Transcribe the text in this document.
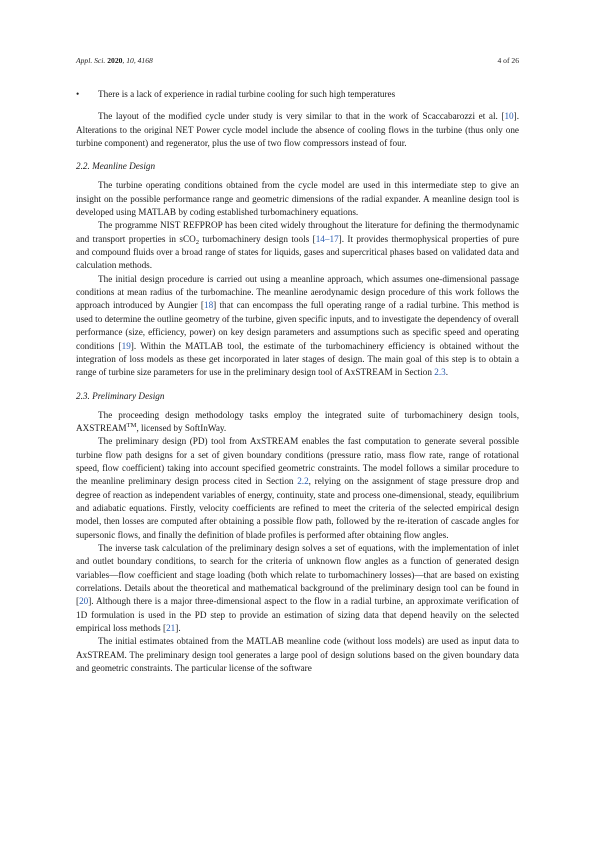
Appl. Sci. 2020, 10, 4168	4 of 26
• There is a lack of experience in radial turbine cooling for such high temperatures

The layout of the modified cycle under study is very similar to that in the work of Scaccabarozzi et al. [10]. Alterations to the original NET Power cycle model include the absence of cooling flows in the turbine (thus only one turbine component) and regenerator, plus the use of two flow compressors instead of four.

2.2. Meanline Design

The turbine operating conditions obtained from the cycle model are used in this intermediate step to give an insight on the possible performance range and geometric dimensions of the radial expander. A meanline design tool is developed using MATLAB by coding established turbomachinery equations.

The programme NIST REFPROP has been cited widely throughout the literature for defining the thermodynamic and transport properties in sCO$_2$ turbomachinery design tools [14–17]. It provides thermophysical properties of pure and compound fluids over a broad range of states for liquids, gases and supercritical phases based on validated data and calculation methods.

The initial design procedure is carried out using a meanline approach, which assumes one-dimensional passage conditions at mean radius of the turbomachine. The meanline aerodynamic design procedure of this work follows the approach introduced by Aungier [18] that can encompass the full operating range of a radial turbine. This method is used to determine the outline geometry of the turbine, given specific inputs, and to investigate the dependency of overall performance (size, efficiency, power) on key design parameters and assumptions such as specific speed and operating conditions [19]. Within the MATLAB tool, the estimate of the turbomachinery efficiency is obtained without the integration of loss models as these get incorporated in later stages of design. The main goal of this step is to obtain a range of turbine size parameters for use in the preliminary design tool of AxSTREAM in Section 2.3.

2.3. Preliminary Design

The proceeding design methodology tasks employ the integrated suite of turbomachinery design tools, AXSTREAM™, licensed by SoftInWay.

The preliminary design (PD) tool from AxSTREAM enables the fast computation to generate several possible turbine flow path designs for a set of given boundary conditions (pressure ratio, mass flow rate, range of rotational speed, flow coefficient) taking into account specified geometric constraints. The model follows a similar procedure to the meanline preliminary design process cited in Section 2.2, relying on the assignment of stage pressure drop and degree of reaction as independent variables of energy, continuity, state and process one-dimensional, steady, equilibrium and adiabatic equations. Firstly, velocity coefficients are refined to meet the criteria of the selected empirical design model, then losses are computed after obtaining a possible flow path, followed by the re-iteration of cascade angles for supersonic flows, and finally the definition of blade profiles is performed after obtaining flow angles.

The inverse task calculation of the preliminary design solves a set of equations, with the implementation of inlet and outlet boundary conditions, to search for the criteria of unknown flow angles as a function of generated design variables—flow coefficient and stage loading (both which relate to turbomachinery losses)—that are based on existing correlations. Details about the theoretical and mathematical background of the preliminary design tool can be found in [20]. Although there is a major three-dimensional aspect to the flow in a radial turbine, an approximate verification of 1D formulation is used in the PD step to provide an estimation of sizing data that depend heavily on the selected empirical loss methods [21].

The initial estimates obtained from the MATLAB meanline code (without loss models) are used as input data to AxSTREAM. The preliminary design tool generates a large pool of design solutions based on the given boundary data and geometric constraints. The particular license of the software
